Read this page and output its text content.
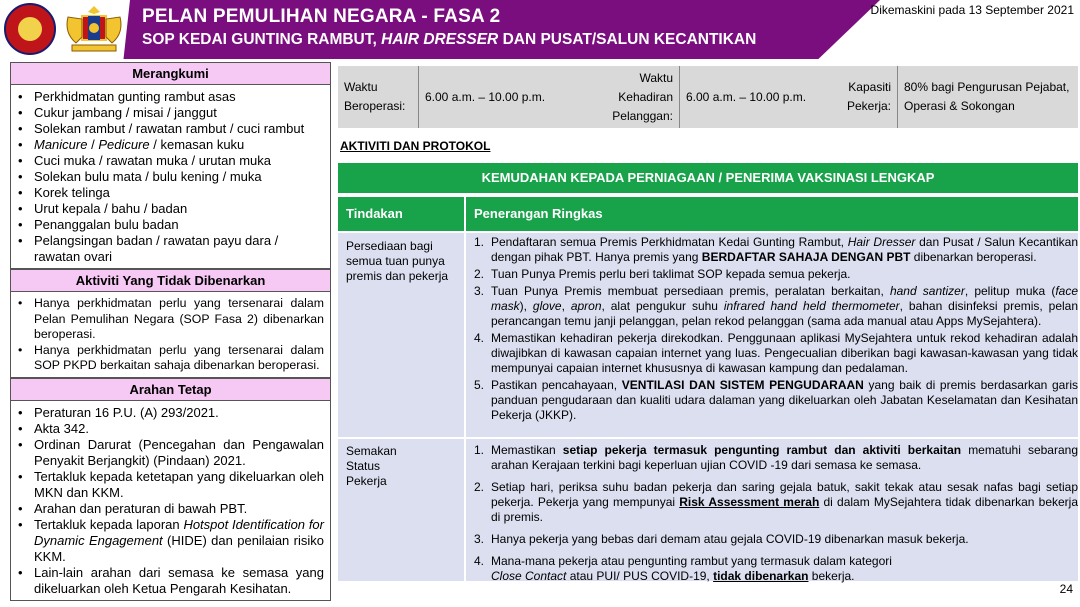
PELAN PEMULIHAN NEGARA - FASA 2
SOP KEDAI GUNTING RAMBUT, HAIR DRESSER DAN PUSAT/SALUN KECANTIKAN
Dikemaskini pada 13 September 2021
Merangkumi
• Perkhidmatan gunting rambut asas
• Cukur jambang / misai / janggut
• Solekan rambut / rawatan rambut / cuci rambut
• Manicure / Pedicure / kemasan kuku
• Cuci muka / rawatan muka / urutan muka
• Solekan bulu mata / bulu kening / muka
• Korek telinga
• Urut kepala / bahu / badan
• Penanggalan bulu badan
• Pelangsingan badan / rawatan payu dara / rawatan ovari
Aktiviti Yang Tidak Dibenarkan
• Hanya perkhidmatan perlu yang tersenarai dalam Pelan Pemulihan Negara (SOP Fasa 2) dibenarkan beroperasi.
• Hanya perkhidmatan perlu yang tersenarai dalam SOP PKPD berkaitan sahaja dibenarkan beroperasi.
Arahan Tetap
• Peraturan 16 P.U. (A) 293/2021.
• Akta 342.
• Ordinan Darurat (Pencegahan dan Pengawalan Penyakit Berjangkit) (Pindaan) 2021.
• Tertakluk kepada ketetapan yang dikeluarkan oleh MKN dan KKM.
• Arahan dan peraturan di bawah PBT.
• Tertakluk kepada laporan Hotspot Identification for Dynamic Engagement (HIDE) dan penilaian risiko KKM.
• Lain-lain arahan dari semasa ke semasa yang dikeluarkan oleh Ketua Pengarah Kesihatan.
Waktu Beroperasi:
6.00 a.m. – 10.00 p.m.
Waktu Kehadiran Pelanggan:
6.00 a.m. – 10.00 p.m.
Kapasiti Pekerja:
80% bagi Pengurusan Pejabat, Operasi & Sokongan
AKTIVITI DAN PROTOKOL
KEMUDAHAN KEPADA PERNIAGAAN / PENERIMA VAKSINASI LENGKAP
Tindakan	Penerangan Ringkas
Persediaan bagi semua tuan punya premis dan pekerja
1. Pendaftaran semua Premis Perkhidmatan Kedai Gunting Rambut, Hair Dresser dan Pusat / Salun Kecantikan dengan pihak PBT. Hanya premis yang BERDAFTAR SAHAJA DENGAN PBT dibenarkan beroperasi.
2. Tuan Punya Premis perlu beri taklimat SOP kepada semua pekerja.
3. Tuan Punya Premis membuat persediaan premis, peralatan berkaitan, hand santizer, pelitup muka (face mask), glove, apron, alat pengukur suhu infrared hand held thermometer, bahan disinfeksi premis, pelan perancangan temu janji pelanggan, pelan rekod pelanggan (sama ada manual atau Apps MySejahtera).
4. Memastikan kehadiran pekerja direkodkan. Penggunaan aplikasi MySejahtera untuk rekod kehadiran adalah diwajibkan di kawasan capaian internet yang luas. Pengecualian diberikan bagi kawasan-kawasan yang tidak mempunyai capaian internet khususnya di kawasan kampung dan pedalaman.
5. Pastikan pencahayaan, VENTILASI DAN SISTEM PENGUDARAAN yang baik di premis berdasarkan garis panduan pengudaraan dan kualiti udara dalaman yang dikeluarkan oleh Jabatan Keselamatan dan Kesihatan Pekerja (JKKP).
Semakan Status Pekerja
1. Memastikan setiap pekerja termasuk pengunting rambut dan aktiviti berkaitan mematuhi sebarang arahan Kerajaan terkini bagi keperluan ujian COVID -19 dari semasa ke semasa.
2. Setiap hari, periksa suhu badan pekerja dan saring gejala batuk, sakit tekak atau sesak nafas bagi setiap pekerja. Pekerja yang mempunyai Risk Assessment merah di dalam MySejahtera tidak dibenarkan bekerja di premis.
3. Hanya pekerja yang bebas dari demam atau gejala COVID-19 dibenarkan masuk bekerja.
4. Mana-mana pekerja atau pengunting rambut yang termasuk dalam kategori
Close Contact atau PUI/ PUS COVID-19, tidak dibenarkan bekerja.
24
